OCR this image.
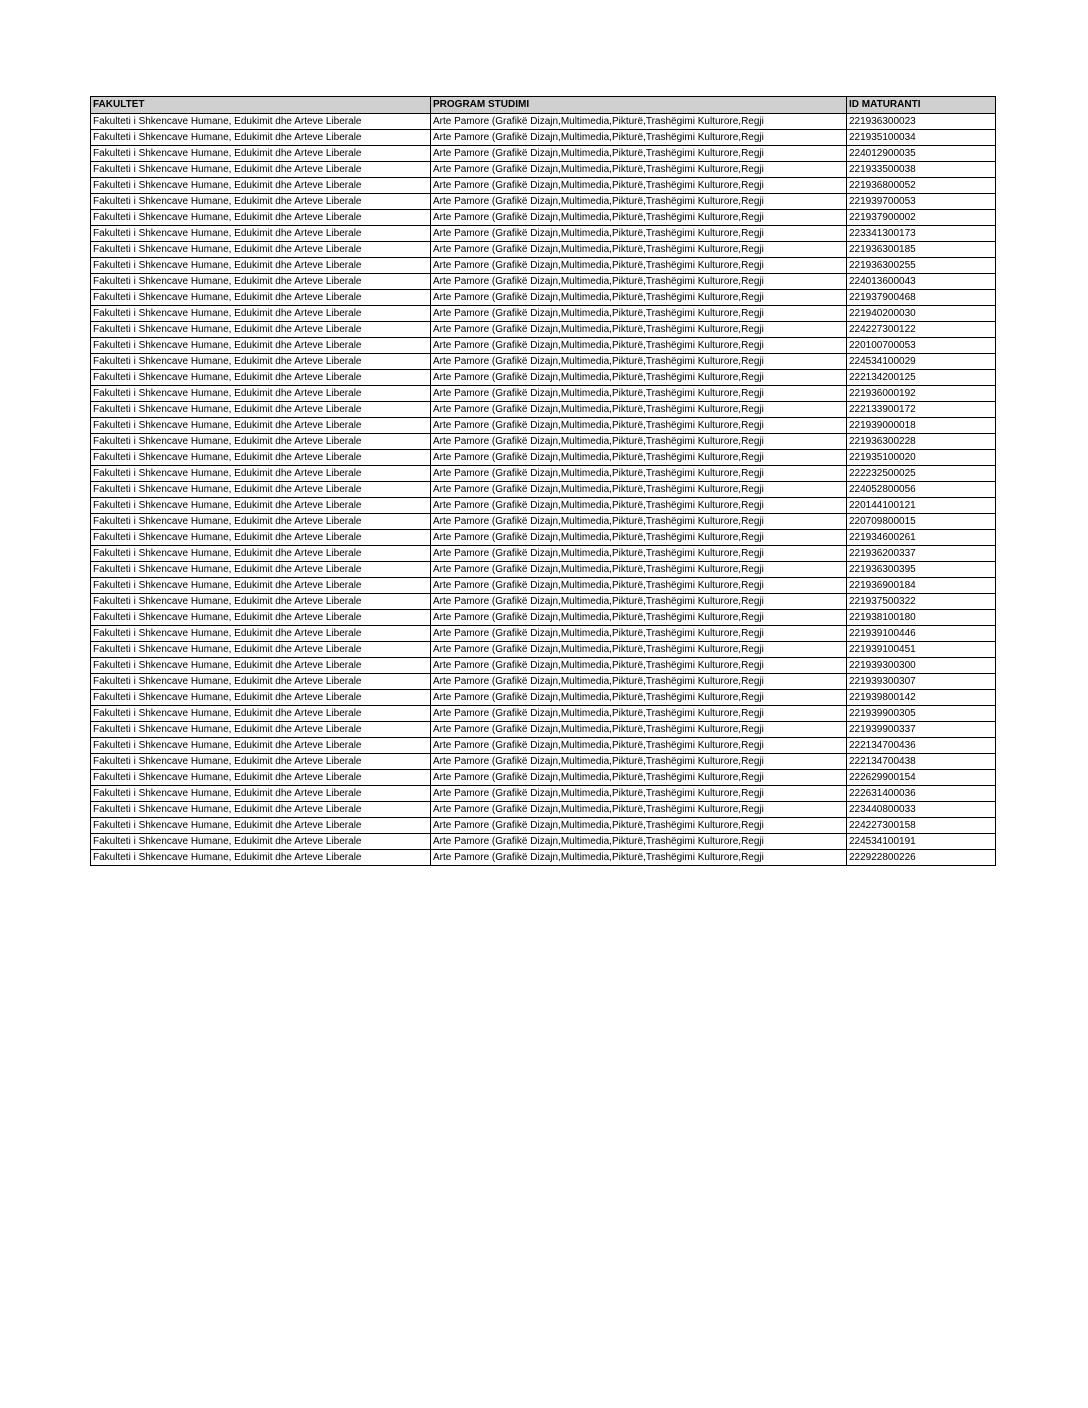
FAKULTET	PROGRAM STUDIMI	ID MATURANTI
Fakulteti i Shkencave Humane, Edukimit dhe Arteve Liberale	Arte Pamore (Grafikë Dizajn,Multimedia,Pikturë,Trashëgimi Kulturore,Regji	221936300023
Fakulteti i Shkencave Humane, Edukimit dhe Arteve Liberale	Arte Pamore (Grafikë Dizajn,Multimedia,Pikturë,Trashëgimi Kulturore,Regji	221935100034
Fakulteti i Shkencave Humane, Edukimit dhe Arteve Liberale	Arte Pamore (Grafikë Dizajn,Multimedia,Pikturë,Trashëgimi Kulturore,Regji	224012900035
Fakulteti i Shkencave Humane, Edukimit dhe Arteve Liberale	Arte Pamore (Grafikë Dizajn,Multimedia,Pikturë,Trashëgimi Kulturore,Regji	221933500038
Fakulteti i Shkencave Humane, Edukimit dhe Arteve Liberale	Arte Pamore (Grafikë Dizajn,Multimedia,Pikturë,Trashëgimi Kulturore,Regji	221936800052
Fakulteti i Shkencave Humane, Edukimit dhe Arteve Liberale	Arte Pamore (Grafikë Dizajn,Multimedia,Pikturë,Trashëgimi Kulturore,Regji	221939700053
Fakulteti i Shkencave Humane, Edukimit dhe Arteve Liberale	Arte Pamore (Grafikë Dizajn,Multimedia,Pikturë,Trashëgimi Kulturore,Regji	221937900002
Fakulteti i Shkencave Humane, Edukimit dhe Arteve Liberale	Arte Pamore (Grafikë Dizajn,Multimedia,Pikturë,Trashëgimi Kulturore,Regji	223341300173
Fakulteti i Shkencave Humane, Edukimit dhe Arteve Liberale	Arte Pamore (Grafikë Dizajn,Multimedia,Pikturë,Trashëgimi Kulturore,Regji	221936300185
Fakulteti i Shkencave Humane, Edukimit dhe Arteve Liberale	Arte Pamore (Grafikë Dizajn,Multimedia,Pikturë,Trashëgimi Kulturore,Regji	221936300255
Fakulteti i Shkencave Humane, Edukimit dhe Arteve Liberale	Arte Pamore (Grafikë Dizajn,Multimedia,Pikturë,Trashëgimi Kulturore,Regji	224013600043
Fakulteti i Shkencave Humane, Edukimit dhe Arteve Liberale	Arte Pamore (Grafikë Dizajn,Multimedia,Pikturë,Trashëgimi Kulturore,Regji	221937900468
Fakulteti i Shkencave Humane, Edukimit dhe Arteve Liberale	Arte Pamore (Grafikë Dizajn,Multimedia,Pikturë,Trashëgimi Kulturore,Regji	221940200030
Fakulteti i Shkencave Humane, Edukimit dhe Arteve Liberale	Arte Pamore (Grafikë Dizajn,Multimedia,Pikturë,Trashëgimi Kulturore,Regji	224227300122
Fakulteti i Shkencave Humane, Edukimit dhe Arteve Liberale	Arte Pamore (Grafikë Dizajn,Multimedia,Pikturë,Trashëgimi Kulturore,Regji	220100700053
Fakulteti i Shkencave Humane, Edukimit dhe Arteve Liberale	Arte Pamore (Grafikë Dizajn,Multimedia,Pikturë,Trashëgimi Kulturore,Regji	224534100029
Fakulteti i Shkencave Humane, Edukimit dhe Arteve Liberale	Arte Pamore (Grafikë Dizajn,Multimedia,Pikturë,Trashëgimi Kulturore,Regji	222134200125
Fakulteti i Shkencave Humane, Edukimit dhe Arteve Liberale	Arte Pamore (Grafikë Dizajn,Multimedia,Pikturë,Trashëgimi Kulturore,Regji	221936000192
Fakulteti i Shkencave Humane, Edukimit dhe Arteve Liberale	Arte Pamore (Grafikë Dizajn,Multimedia,Pikturë,Trashëgimi Kulturore,Regji	222133900172
Fakulteti i Shkencave Humane, Edukimit dhe Arteve Liberale	Arte Pamore (Grafikë Dizajn,Multimedia,Pikturë,Trashëgimi Kulturore,Regji	221939000018
Fakulteti i Shkencave Humane, Edukimit dhe Arteve Liberale	Arte Pamore (Grafikë Dizajn,Multimedia,Pikturë,Trashëgimi Kulturore,Regji	221936300228
Fakulteti i Shkencave Humane, Edukimit dhe Arteve Liberale	Arte Pamore (Grafikë Dizajn,Multimedia,Pikturë,Trashëgimi Kulturore,Regji	221935100020
Fakulteti i Shkencave Humane, Edukimit dhe Arteve Liberale	Arte Pamore (Grafikë Dizajn,Multimedia,Pikturë,Trashëgimi Kulturore,Regji	222232500025
Fakulteti i Shkencave Humane, Edukimit dhe Arteve Liberale	Arte Pamore (Grafikë Dizajn,Multimedia,Pikturë,Trashëgimi Kulturore,Regji	224052800056
Fakulteti i Shkencave Humane, Edukimit dhe Arteve Liberale	Arte Pamore (Grafikë Dizajn,Multimedia,Pikturë,Trashëgimi Kulturore,Regji	220144100121
Fakulteti i Shkencave Humane, Edukimit dhe Arteve Liberale	Arte Pamore (Grafikë Dizajn,Multimedia,Pikturë,Trashëgimi Kulturore,Regji	220709800015
Fakulteti i Shkencave Humane, Edukimit dhe Arteve Liberale	Arte Pamore (Grafikë Dizajn,Multimedia,Pikturë,Trashëgimi Kulturore,Regji	221934600261
Fakulteti i Shkencave Humane, Edukimit dhe Arteve Liberale	Arte Pamore (Grafikë Dizajn,Multimedia,Pikturë,Trashëgimi Kulturore,Regji	221936200337
Fakulteti i Shkencave Humane, Edukimit dhe Arteve Liberale	Arte Pamore (Grafikë Dizajn,Multimedia,Pikturë,Trashëgimi Kulturore,Regji	221936300395
Fakulteti i Shkencave Humane, Edukimit dhe Arteve Liberale	Arte Pamore (Grafikë Dizajn,Multimedia,Pikturë,Trashëgimi Kulturore,Regji	221936900184
Fakulteti i Shkencave Humane, Edukimit dhe Arteve Liberale	Arte Pamore (Grafikë Dizajn,Multimedia,Pikturë,Trashëgimi Kulturore,Regji	221937500322
Fakulteti i Shkencave Humane, Edukimit dhe Arteve Liberale	Arte Pamore (Grafikë Dizajn,Multimedia,Pikturë,Trashëgimi Kulturore,Regji	221938100180
Fakulteti i Shkencave Humane, Edukimit dhe Arteve Liberale	Arte Pamore (Grafikë Dizajn,Multimedia,Pikturë,Trashëgimi Kulturore,Regji	221939100446
Fakulteti i Shkencave Humane, Edukimit dhe Arteve Liberale	Arte Pamore (Grafikë Dizajn,Multimedia,Pikturë,Trashëgimi Kulturore,Regji	221939100451
Fakulteti i Shkencave Humane, Edukimit dhe Arteve Liberale	Arte Pamore (Grafikë Dizajn,Multimedia,Pikturë,Trashëgimi Kulturore,Regji	221939300300
Fakulteti i Shkencave Humane, Edukimit dhe Arteve Liberale	Arte Pamore (Grafikë Dizajn,Multimedia,Pikturë,Trashëgimi Kulturore,Regji	221939300307
Fakulteti i Shkencave Humane, Edukimit dhe Arteve Liberale	Arte Pamore (Grafikë Dizajn,Multimedia,Pikturë,Trashëgimi Kulturore,Regji	221939800142
Fakulteti i Shkencave Humane, Edukimit dhe Arteve Liberale	Arte Pamore (Grafikë Dizajn,Multimedia,Pikturë,Trashëgimi Kulturore,Regji	221939900305
Fakulteti i Shkencave Humane, Edukimit dhe Arteve Liberale	Arte Pamore (Grafikë Dizajn,Multimedia,Pikturë,Trashëgimi Kulturore,Regji	221939900337
Fakulteti i Shkencave Humane, Edukimit dhe Arteve Liberale	Arte Pamore (Grafikë Dizajn,Multimedia,Pikturë,Trashëgimi Kulturore,Regji	222134700436
Fakulteti i Shkencave Humane, Edukimit dhe Arteve Liberale	Arte Pamore (Grafikë Dizajn,Multimedia,Pikturë,Trashëgimi Kulturore,Regji	222134700438
Fakulteti i Shkencave Humane, Edukimit dhe Arteve Liberale	Arte Pamore (Grafikë Dizajn,Multimedia,Pikturë,Trashëgimi Kulturore,Regji	222629900154
Fakulteti i Shkencave Humane, Edukimit dhe Arteve Liberale	Arte Pamore (Grafikë Dizajn,Multimedia,Pikturë,Trashëgimi Kulturore,Regji	222631400036
Fakulteti i Shkencave Humane, Edukimit dhe Arteve Liberale	Arte Pamore (Grafikë Dizajn,Multimedia,Pikturë,Trashëgimi Kulturore,Regji	223440800033
Fakulteti i Shkencave Humane, Edukimit dhe Arteve Liberale	Arte Pamore (Grafikë Dizajn,Multimedia,Pikturë,Trashëgimi Kulturore,Regji	224227300158
Fakulteti i Shkencave Humane, Edukimit dhe Arteve Liberale	Arte Pamore (Grafikë Dizajn,Multimedia,Pikturë,Trashëgimi Kulturore,Regji	224534100191
Fakulteti i Shkencave Humane, Edukimit dhe Arteve Liberale	Arte Pamore (Grafikë Dizajn,Multimedia,Pikturë,Trashëgimi Kulturore,Regji	222922800226
